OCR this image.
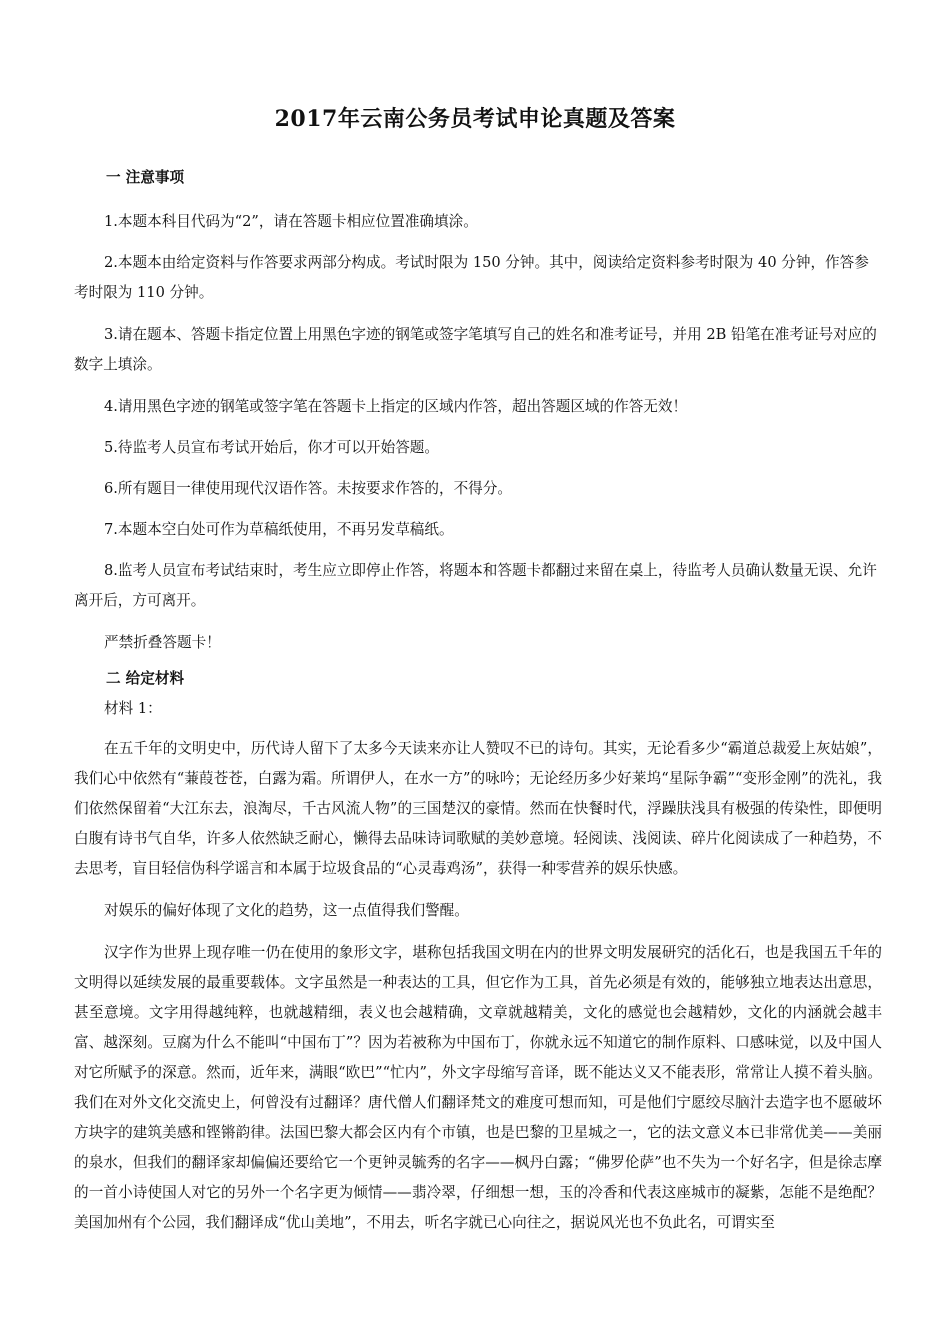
2017年云南公务员考试申论真题及答案
一 注意事项
1.本题本科目代码为“2”，请在答题卡相应位置准确填涂。
2.本题本由给定资料与作答要求两部分构成。考试时限为 150 分钟。其中，阅读给定资料参考时限为 40 分钟，作答参考时限为 110 分钟。
3.请在题本、答题卡指定位置上用黑色字迹的钢笔或签字笔填写自己的姓名和准考证号，并用 2B 铅笔在准考证号对应的数字上填涂。
4.请用黑色字迹的钢笔或签字笔在答题卡上指定的区域内作答，超出答题区域的作答无效！
5.待监考人员宣布考试开始后，你才可以开始答题。
6.所有题目一律使用现代汉语作答。未按要求作答的，不得分。
7.本题本空白处可作为草稿纸使用，不再另发草稿纸。
8.监考人员宣布考试结束时，考生应立即停止作答，将题本和答题卡都翻过来留在桌上，待监考人员确认数量无误、允许离开后，方可离开。
严禁折叠答题卡！
二 给定材料
材料 1：
在五千年的文明史中，历代诗人留下了太多今天读来亦让人赞叹不已的诗句。其实，无论看多少“霸道总裁爱上灰姑娘”，我们心中依然有“蒹葭苍苍，白露为霜。所谓伊人，在水一方”的咏吟；无论经历多少好莱坞“星际争霸”“变形金刚”的洗礼，我们依然保留着“大江东去，浪淘尽，千古风流人物”的三国楚汉的豪情。然而在快餐时代，浮躁肤浅具有极强的传染性，即便明白腹有诗书气自华，许多人依然缺乏耐心，懒得去品味诗词歌赋的美妙意境。轻阅读、浅阅读、碎片化阅读成了一种趋势，不去思考，盲目轻信伪科学谣言和本属于垃圾食品的“心灵毒鸡汤”，获得一种零营养的娱乐快感。
对娱乐的偏好体现了文化的趋势，这一点值得我们警醒。
汉字作为世界上现存唯一仍在使用的象形文字，堪称包括我国文明在内的世界文明发展研究的活化石，也是我国五千年的文明得以延续发展的最重要载体。文字虽然是一种表达的工具，但它作为工具，首先必须是有效的，能够独立地表达出意思，甚至意境。文字用得越纯粹，也就越精细，表义也会越精确，文章就越精美，文化的感觉也会越精妙，文化的内涵就会越丰富、越深刻。豆腐为什么不能叫“中国布丁”？因为若被称为中国布丁，你就永远不知道它的制作原料、口感味觉，以及中国人对它所赋予的深意。然而，近年来，满眼“欧巴”“忙内”，外文字母缩写音译，既不能达义又不能表形，常常让人摸不着头脑。我们在对外文化交流史上，何曾没有过翻译？唐代僧人们翻译梵文的难度可想而知，可是他们宁愿绞尽脑汁去造字也不愿破坏方块字的建筑美感和铿锵韵律。法国巴黎大都会区内有个市镇，也是巴黎的卫星城之一，它的法文意义本已非常优美——美丽的泉水，但我们的翻译家却偏偏还要给它一个更钟灵毓秀的名字——枫丹白露；“佛罗伦萨”也不失为一个好名字，但是徐志摩的一首小诗使国人对它的另外一个名字更为倾情——翡冷翠，仔细想一想，玉的冷香和代表这座城市的凝紫，怎能不是绝配？美国加州有个公园，我们翻译成“优山美地”，不用去，听名字就已心向往之，据说风光也不负此名，可谓实至
